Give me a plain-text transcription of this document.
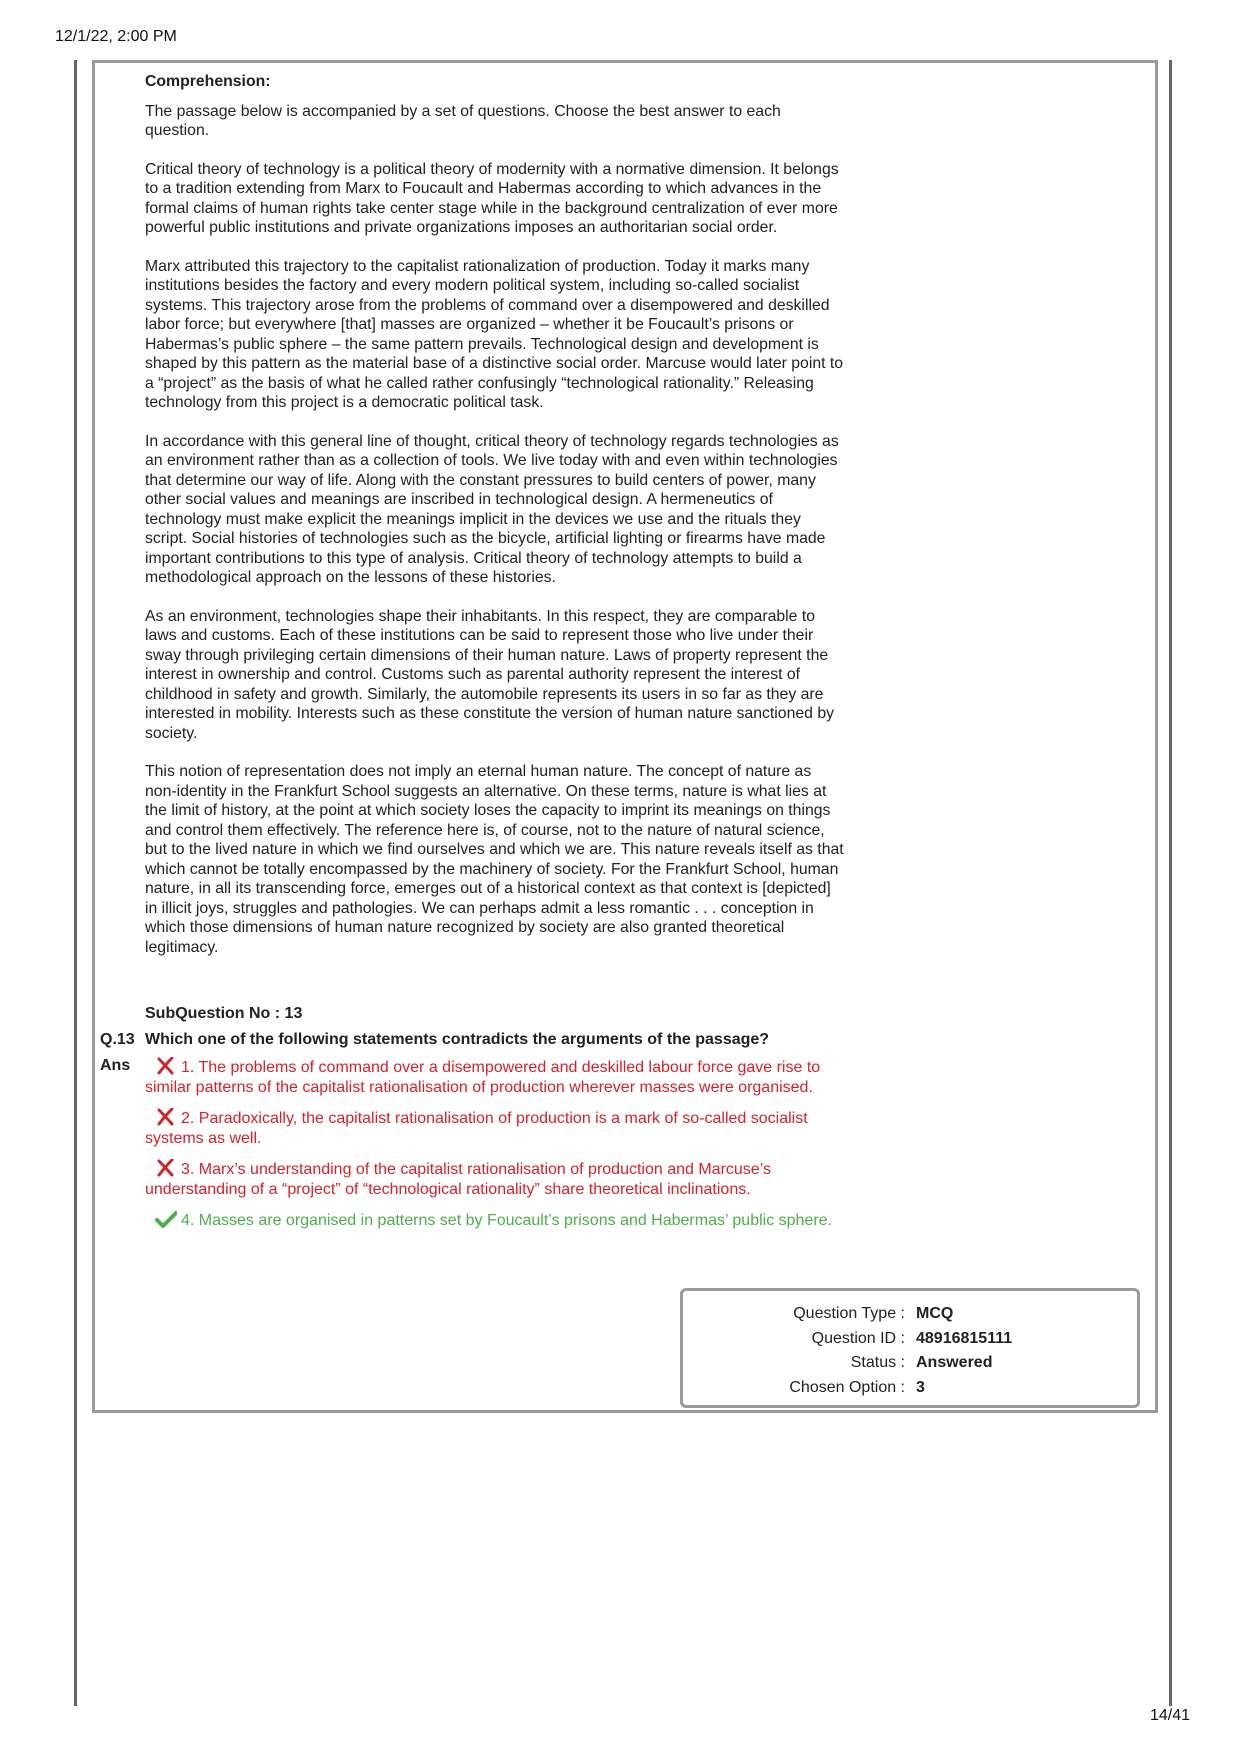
12/1/22, 2:00 PM
Comprehension:

The passage below is accompanied by a set of questions. Choose the best answer to each question.

Critical theory of technology is a political theory of modernity with a normative dimension. It belongs to a tradition extending from Marx to Foucault and Habermas according to which advances in the formal claims of human rights take center stage while in the background centralization of ever more powerful public institutions and private organizations imposes an authoritarian social order.

Marx attributed this trajectory to the capitalist rationalization of production. Today it marks many institutions besides the factory and every modern political system, including so-called socialist systems. This trajectory arose from the problems of command over a disempowered and deskilled labor force; but everywhere [that] masses are organized – whether it be Foucault’s prisons or Habermas’s public sphere – the same pattern prevails. Technological design and development is shaped by this pattern as the material base of a distinctive social order. Marcuse would later point to a “project” as the basis of what he called rather confusingly “technological rationality.” Releasing technology from this project is a democratic political task.

In accordance with this general line of thought, critical theory of technology regards technologies as an environment rather than as a collection of tools. We live today with and even within technologies that determine our way of life. Along with the constant pressures to build centers of power, many other social values and meanings are inscribed in technological design. A hermeneutics of technology must make explicit the meanings implicit in the devices we use and the rituals they script. Social histories of technologies such as the bicycle, artificial lighting or firearms have made important contributions to this type of analysis. Critical theory of technology attempts to build a methodological approach on the lessons of these histories.

As an environment, technologies shape their inhabitants. In this respect, they are comparable to laws and customs. Each of these institutions can be said to represent those who live under their sway through privileging certain dimensions of their human nature. Laws of property represent the interest in ownership and control. Customs such as parental authority represent the interest of childhood in safety and growth. Similarly, the automobile represents its users in so far as they are interested in mobility. Interests such as these constitute the version of human nature sanctioned by society.

This notion of representation does not imply an eternal human nature. The concept of nature as non-identity in the Frankfurt School suggests an alternative. On these terms, nature is what lies at the limit of history, at the point at which society loses the capacity to imprint its meanings on things and control them effectively. The reference here is, of course, not to the nature of natural science, but to the lived nature in which we find ourselves and which we are. This nature reveals itself as that which cannot be totally encompassed by the machinery of society. For the Frankfurt School, human nature, in all its transcending force, emerges out of a historical context as that context is [depicted] in illicit joys, struggles and pathologies. We can perhaps admit a less romantic . . . conception in which those dimensions of human nature recognized by society are also granted theoretical legitimacy.

SubQuestion No : 13
Q.13 Which one of the following statements contradicts the arguments of the passage?
Ans	1. The problems of command over a disempowered and deskilled labour force gave rise to similar patterns of the capitalist rationalisation of production wherever masses were organised.
2. Paradoxically, the capitalist rationalisation of production is a mark of so-called socialist systems as well.
3. Marx’s understanding of the capitalist rationalisation of production and Marcuse’s understanding of a “project” of “technological rationality” share theoretical inclinations.
4. Masses are organised in patterns set by Foucault’s prisons and Habermas’ public sphere.
Question Type : MCQ
Question ID : 48916815111
Status : Answered
Chosen Option : 3
14/41
